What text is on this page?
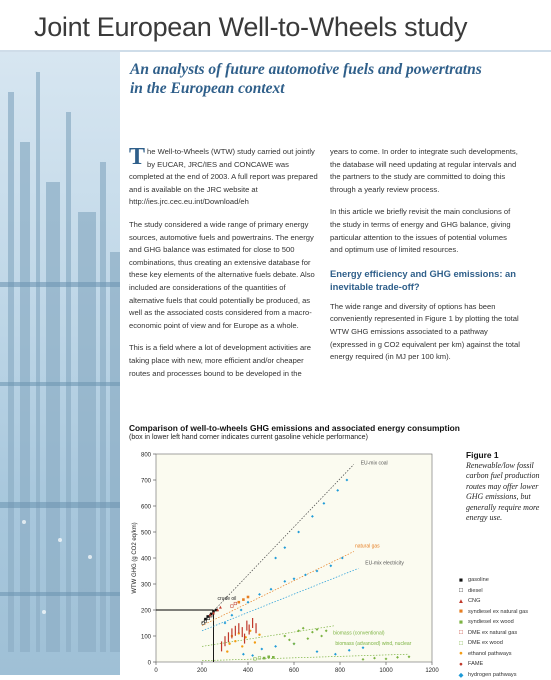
Joint European Well-to-Wheels study
An analysts of future automotive fuels and powertratns
in the European context

T he Well-to-Wheels (WTW) study carried out jointly by EUCAR, JRC/IES and CONCAWE was completed at the end of 2003. A full report was prepared and is available on the JRC website at http://ies.jrc.cec.eu.int/Download/eh

The study considered a wide range of primary energy sources, automotive fuels and powertrains. The energy and GHG balance was estimated for close to 500 combinations, thus creating an extensive database for these key elements of the alternative fuels debate. Also included are considerations of the quantities of alternative fuels that could potentially be produced, as well as the associated costs considered from a macro-economic point of view and for Europe as a whole.

This is a field where a lot of development activities are taking place with new, more efficient and/or cheaper routes and processes bound to be developed in the

years to come. In order to integrate such developments, the database will need updating at regular intervals and the partners to the study are committed to doing this through a yearly review process.

In this article we briefly revisit the main conclusions of the study in terms of energy and GHG balance, giving particular attention to the issues of potential volumes and optimum use of limited resources.

Energy efficiency and GHG emissions: an inevitable trade-off?

The wide range and diversity of options has been conveniently represented in Figure 1 by plotting the total WTW GHG emissions associated to a pathway (expressed in g CO2 equivalent per km) against the total energy required (in MJ per 100 km).

Comparison of well-to-wheels GHG emissions and associated energy consumption
(box in lower left hand corner indicates current gasoline vehicle performance)
0
100
200
300
400
500
600
700
800
0	200	400	600	800	1000	1200
WTW GHG (g CO2 eq/km)
crude oil
EU-mix coal
natural gas
EU-mix electricity
biomass (conventional)
biomass (advanced) wind, nuclear
Figure 1
Renewable/low fossil carbon fuel production routes may offer lower GHG emissions, but generally require more energy use.
■ gasoline
□ diesel
▲ CNG
■ syndiesel ex natural gas
■ syndiesel ex wood
□ DME ex natural gas
□ DME ex wood
● ethanol pathways
● FAME
◆ hydrogen pathways
